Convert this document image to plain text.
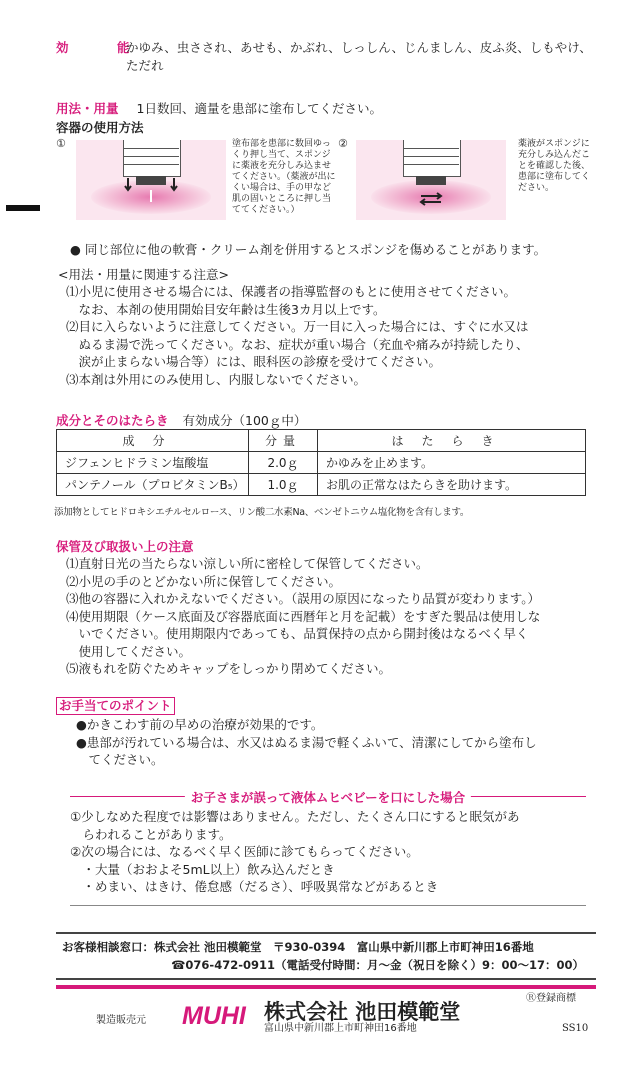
効　能
かゆみ、虫さされ、あせも、かぶれ、しっしん、じんましん、皮ふ炎、しもやけ、ただれ
用法・用量 1日数回、適量を患部に塗布してください。
容器の使用方法
①	塗布部を患部に数回ゆっくり押し当て、スポンジに薬液を充分しみ込ませてください。（薬液が出にくい場合は、手の甲など肌の固いところに押し当ててください。）
②	薬液がスポンジに充分しみ込んだことを確認した後、患部に塗布してください。
● 同じ部位に他の軟膏・クリーム剤を併用するとスポンジを傷めることがあります。
<用法・用量に関連する注意>
⑴小児に使用させる場合には、保護者の指導監督のもとに使用させてください。
　なお、本剤の使用開始目安年齢は生後3カ月以上です。
⑵目に入らないように注意してください。万一目に入った場合には、すぐに水又は
　ぬるま湯で洗ってください。なお、症状が重い場合（充血や痛みが持続したり、
　涙が止まらない場合等）には、眼科医の診療を受けてください。
⑶本剤は外用にのみ使用し、内服しないでください。
成分とそのはたらき 有効成分（100ｇ中）
成分	分量	はたらき
ジフェンヒドラミン塩酸塩	2.0ｇ	かゆみを止めます。
パンテノール（プロビタミンB₅）	1.0ｇ	お肌の正常なはたらきを助けます。
添加物としてヒドロキシエチルセルロース、リン酸二水素Na、ベンゼトニウム塩化物を含有します。
保管及び取扱い上の注意
⑴直射日光の当たらない涼しい所に密栓して保管してください。
⑵小児の手のとどかない所に保管してください。
⑶他の容器に入れかえないでください。（誤用の原因になったり品質が変わります。）
⑷使用期限（ケース底面及び容器底面に西暦年と月を記載）をすぎた製品は使用しな
　いでください。使用期限内であっても、品質保持の点から開封後はなるべく早く
　使用してください。
⑸液もれを防ぐためキャップをしっかり閉めてください。
お手当てのポイント
●かきこわす前の早めの治療が効果的です。
●患部が汚れている場合は、水又はぬるま湯で軽くふいて、清潔にしてから塗布し
　てください。
お子さまが誤って液体ムヒベビーを口にした場合
①少しなめた程度では影響はありません。ただし、たくさん口にすると眠気があ
　らわれることがあります。
②次の場合には、なるべく早く医師に診てもらってください。
　・大量（おおよそ5mL以上）飲み込んだとき
　・めまい、はきけ、倦怠感（だるさ）、呼吸異常などがあるとき
お客様相談窓口：株式会社 池田模範堂　〒930-0394　富山県中新川郡上市町神田16番地
☎076-472-0911（電話受付時間：月～金（祝日を除く）9：00～17：00）
製造販売元 MUHI 株式会社 池田模範堂
富山県中新川郡上市町神田16番地
Ⓡ登録商標
SS10
